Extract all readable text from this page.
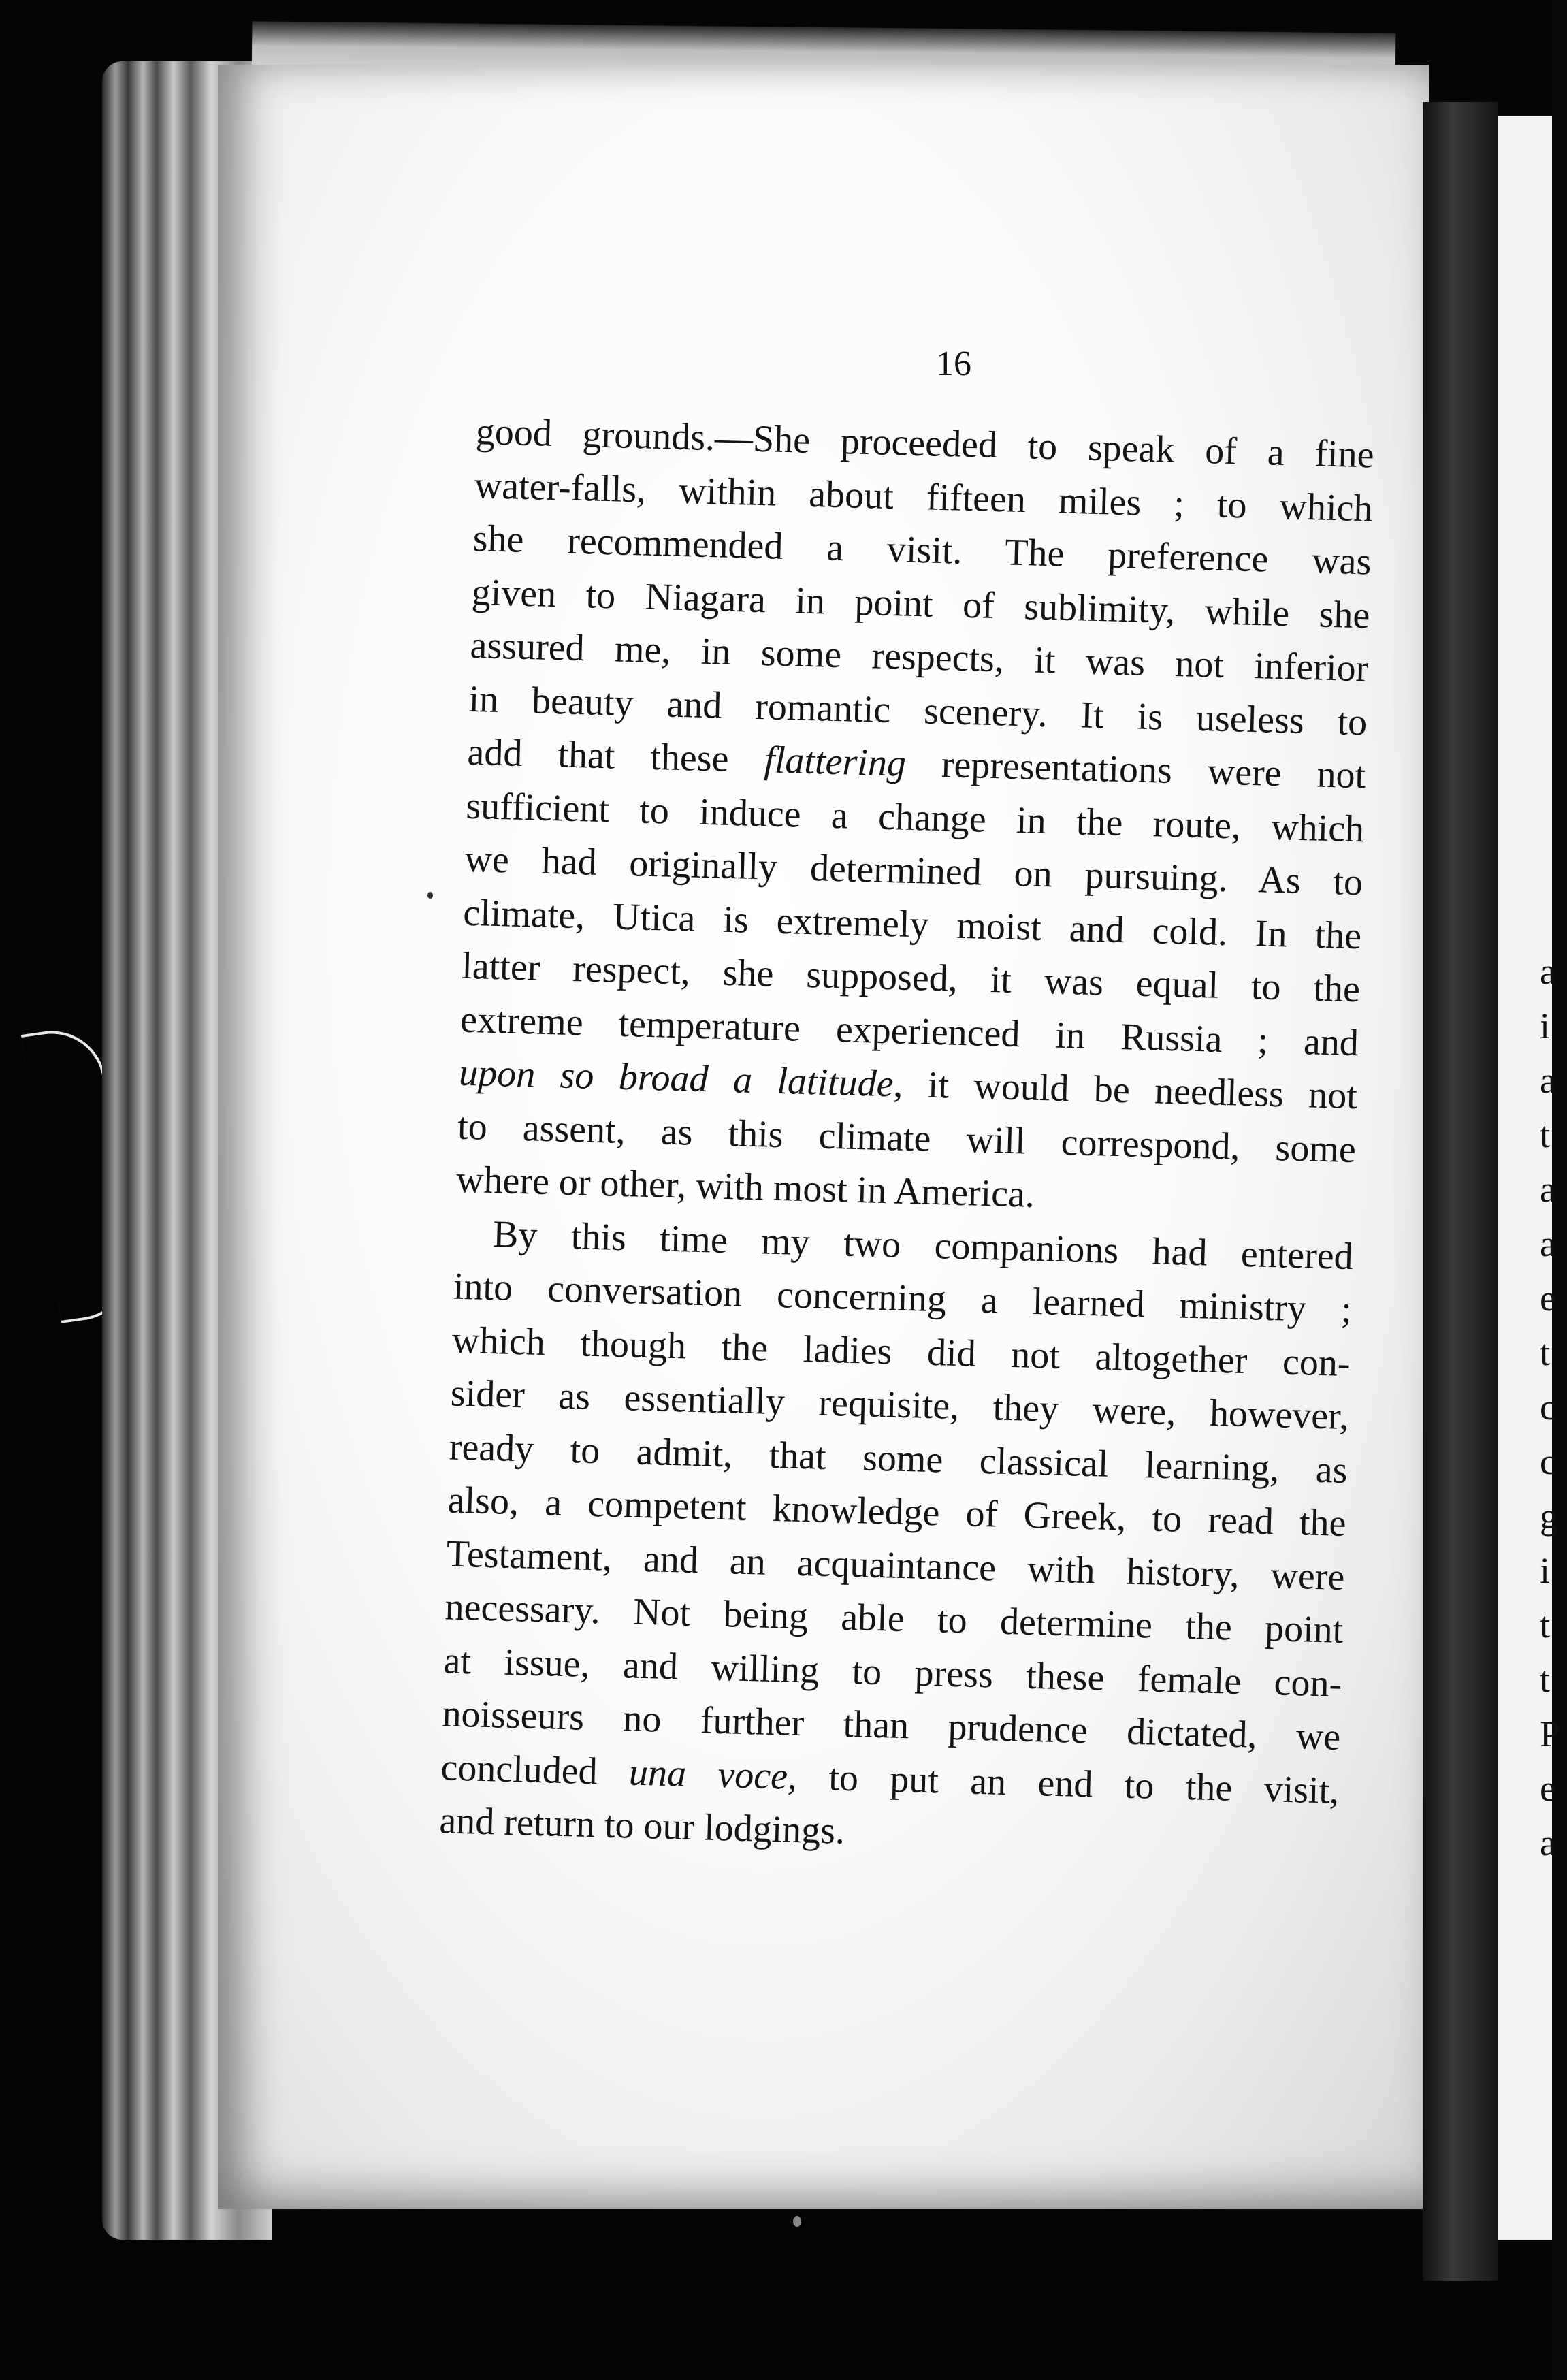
a
i
a
t
a
a
e
t
c
c
g
i
t
t
P
e
a
16
good grounds.—She proceeded to speak of a fine
water-falls, within about fifteen miles ; to which
she recommended a visit. The preference was
given to Niagara in point of sublimity, while she
assured me, in some respects, it was not inferior
in beauty and romantic scenery. It is useless to
add that these flattering representations were not
sufficient to induce a change in the route, which
we had originally determined on pursuing. As to
climate, Utica is extremely moist and cold. In the
latter respect, she supposed, it was equal to the
extreme temperature experienced in Russia ; and
upon so broad a latitude, it would be needless not
to assent, as this climate will correspond, some
where or other, with most in America.
By this time my two companions had entered
into conversation concerning a learned ministry ;
which though the ladies did not altogether con-
sider as essentially requisite, they were, however,
ready to admit, that some classical learning, as
also, a competent knowledge of Greek, to read the
Testament, and an acquaintance with history, were
necessary. Not being able to determine the point
at issue, and willing to press these female con-
noisseurs no further than prudence dictated, we
concluded una voce, to put an end to the visit,
and return to our lodgings.
